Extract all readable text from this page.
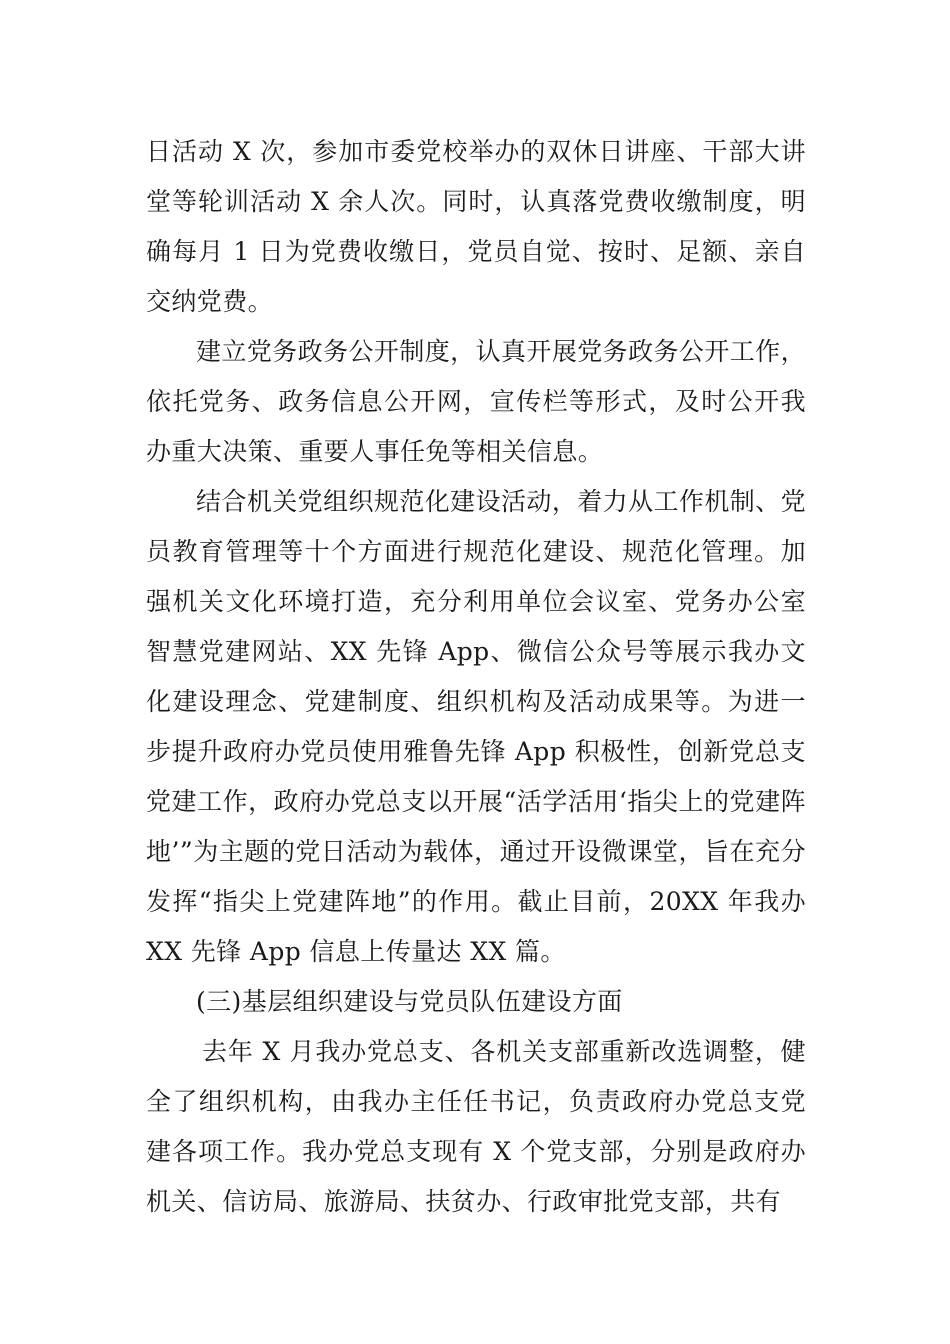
日活动 X 次，参加市委党校举办的双休日讲座、干部大讲堂等轮训活动 X 余人次。同时，认真落党费收缴制度，明确每月 1 日为党费收缴日，党员自觉、按时、足额、亲自交纳党费。

建立党务政务公开制度，认真开展党务政务公开工作，依托党务、政务信息公开网，宣传栏等形式，及时公开我办重大决策、重要人事任免等相关信息。

结合机关党组织规范化建设活动，着力从工作机制、党员教育管理等十个方面进行规范化建设、规范化管理。加强机关文化环境打造，充分利用单位会议室、党务办公室智慧党建网站、XX 先锋 App、微信公众号等展示我办文化建设理念、党建制度、组织机构及活动成果等。为进一步提升政府办党员使用雅鲁先锋 App 积极性，创新党总支党建工作，政府办党总支以开展“活学活用‘指尖上的党建阵地’”为主题的党日活动为载体，通过开设微课堂，旨在充分发挥“指尖上党建阵地”的作用。截止目前，20XX 年我办 XX 先锋 App 信息上传量达 XX 篇。

(三)基层组织建设与党员队伍建设方面

去年 X 月我办党总支、各机关支部重新改选调整，健全了组织机构，由我办主任任书记，负责政府办党总支党建各项工作。我办党总支现有 X 个党支部，分别是政府办机关、信访局、旅游局、扶贫办、行政审批党支部，共有
